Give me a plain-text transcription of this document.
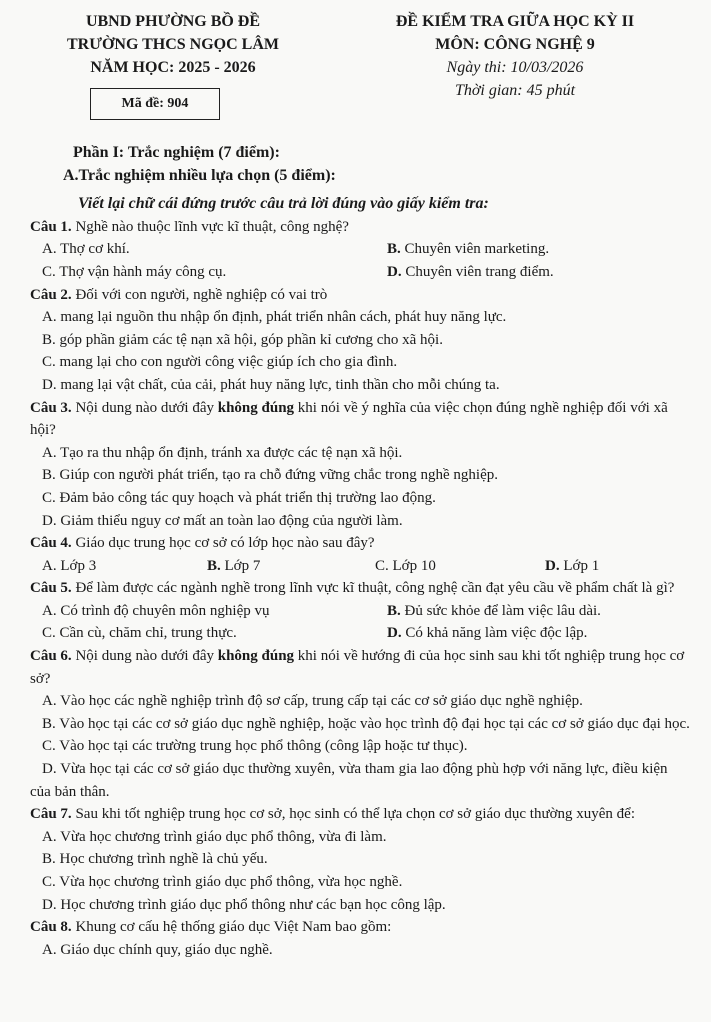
UBND PHƯỜNG BỒ ĐỀ
TRƯỜNG THCS NGỌC LÂM
NĂM HỌC: 2025 - 2026
ĐỀ KIỂM TRA GIỮA HỌC KỲ II
MÔN: CÔNG NGHỆ 9
Ngày thi: 10/03/2026
Thời gian: 45 phút
Mã đề: 904
Phần I: Trắc nghiệm (7 điểm):
A.Trắc nghiệm nhiều lựa chọn (5 điểm):
Viết lại chữ cái đứng trước câu trả lời đúng vào giấy kiểm tra:
Câu 1. Nghề nào thuộc lĩnh vực kĩ thuật, công nghệ?
A. Thợ cơ khí.	B. Chuyên viên marketing.
C. Thợ vận hành máy công cụ.	D. Chuyên viên trang điểm.
Câu 2. Đối với con người, nghề nghiệp có vai trò
A. mang lại nguồn thu nhập ổn định, phát triển nhân cách, phát huy năng lực.
B. góp phần giảm các tệ nạn xã hội, góp phần kỉ cương cho xã hội.
C. mang lại cho con người công việc giúp ích cho gia đình.
D. mang lại vật chất, của cải, phát huy năng lực, tinh thần cho mỗi chúng ta.
Câu 3. Nội dung nào dưới đây không đúng khi nói về ý nghĩa của việc chọn đúng nghề nghiệp đối với xã hội?
A. Tạo ra thu nhập ổn định, tránh xa được các tệ nạn xã hội.
B. Giúp con người phát triển, tạo ra chỗ đứng vững chắc trong nghề nghiệp.
C. Đảm bảo công tác quy hoạch và phát triển thị trường lao động.
D. Giảm thiểu nguy cơ mất an toàn lao động của người làm.
Câu 4. Giáo dục trung học cơ sở có lớp học nào sau đây?
A. Lớp 3	B. Lớp 7	C. Lớp 10	D. Lớp 1
Câu 5. Để làm được các ngành nghề trong lĩnh vực kĩ thuật, công nghệ cần đạt yêu cầu về phẩm chất là gì?
A. Có trình độ chuyên môn nghiệp vụ	B. Đủ sức khỏe để làm việc lâu dài.
C. Cần cù, chăm chỉ, trung thực.	D. Có khả năng làm việc độc lập.
Câu 6. Nội dung nào dưới đây không đúng khi nói về hướng đi của học sinh sau khi tốt nghiệp trung học cơ sở?
A. Vào học các nghề nghiệp trình độ sơ cấp, trung cấp tại các cơ sở giáo dục nghề nghiệp.
B. Vào học tại các cơ sở giáo dục nghề nghiệp, hoặc vào học trình độ đại học tại các cơ sở giáo dục đại học.
C. Vào học tại các trường trung học phổ thông (công lập hoặc tư thục).
D. Vừa học tại các cơ sở giáo dục thường xuyên, vừa tham gia lao động phù hợp với năng lực, điều kiện của bản thân.
Câu 7. Sau khi tốt nghiệp trung học cơ sở, học sinh có thể lựa chọn cơ sở giáo dục thường xuyên để:
A. Vừa học chương trình giáo dục phổ thông, vừa đi làm.
B. Học chương trình nghề là chủ yếu.
C. Vừa học chương trình giáo dục phổ thông, vừa học nghề.
D. Học chương trình giáo dục phổ thông như các bạn học công lập.
Câu 8. Khung cơ cấu hệ thống giáo dục Việt Nam bao gồm:
A. Giáo dục chính quy, giáo dục nghề.
